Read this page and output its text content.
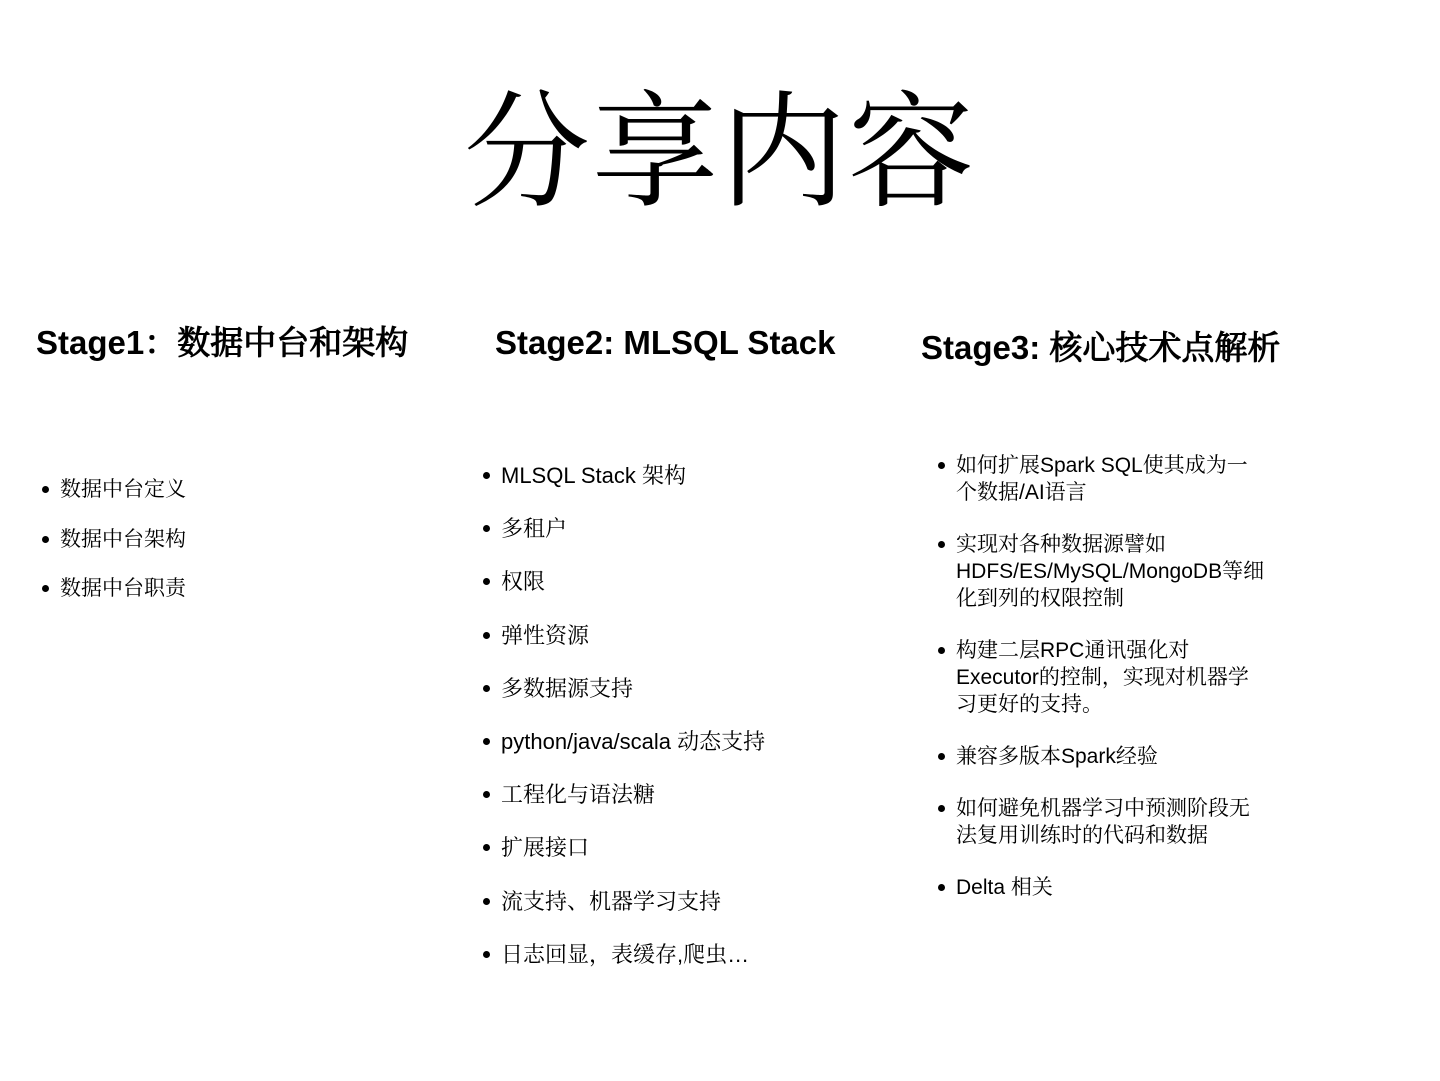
分享内容
Stage1：数据中台和架构	Stage2: MLSQL Stack	Stage3: 核心技术点解析
数据中台定义
数据中台架构
数据中台职责
MLSQL Stack 架构
多租户
权限
弹性资源
多数据源支持
python/java/scala 动态支持
工程化与语法糖
扩展接口
流支持、机器学习支持
日志回显，表缓存,爬虫…
如何扩展Spark SQL使其成为一个数据/AI语言
实现对各种数据源譬如HDFS/ES/MySQL/MongoDB等细化到列的权限控制
构建二层RPC通讯强化对Executor的控制，实现对机器学习更好的支持。
兼容多版本Spark经验
如何避免机器学习中预测阶段无法复用训练时的代码和数据
Delta 相关
